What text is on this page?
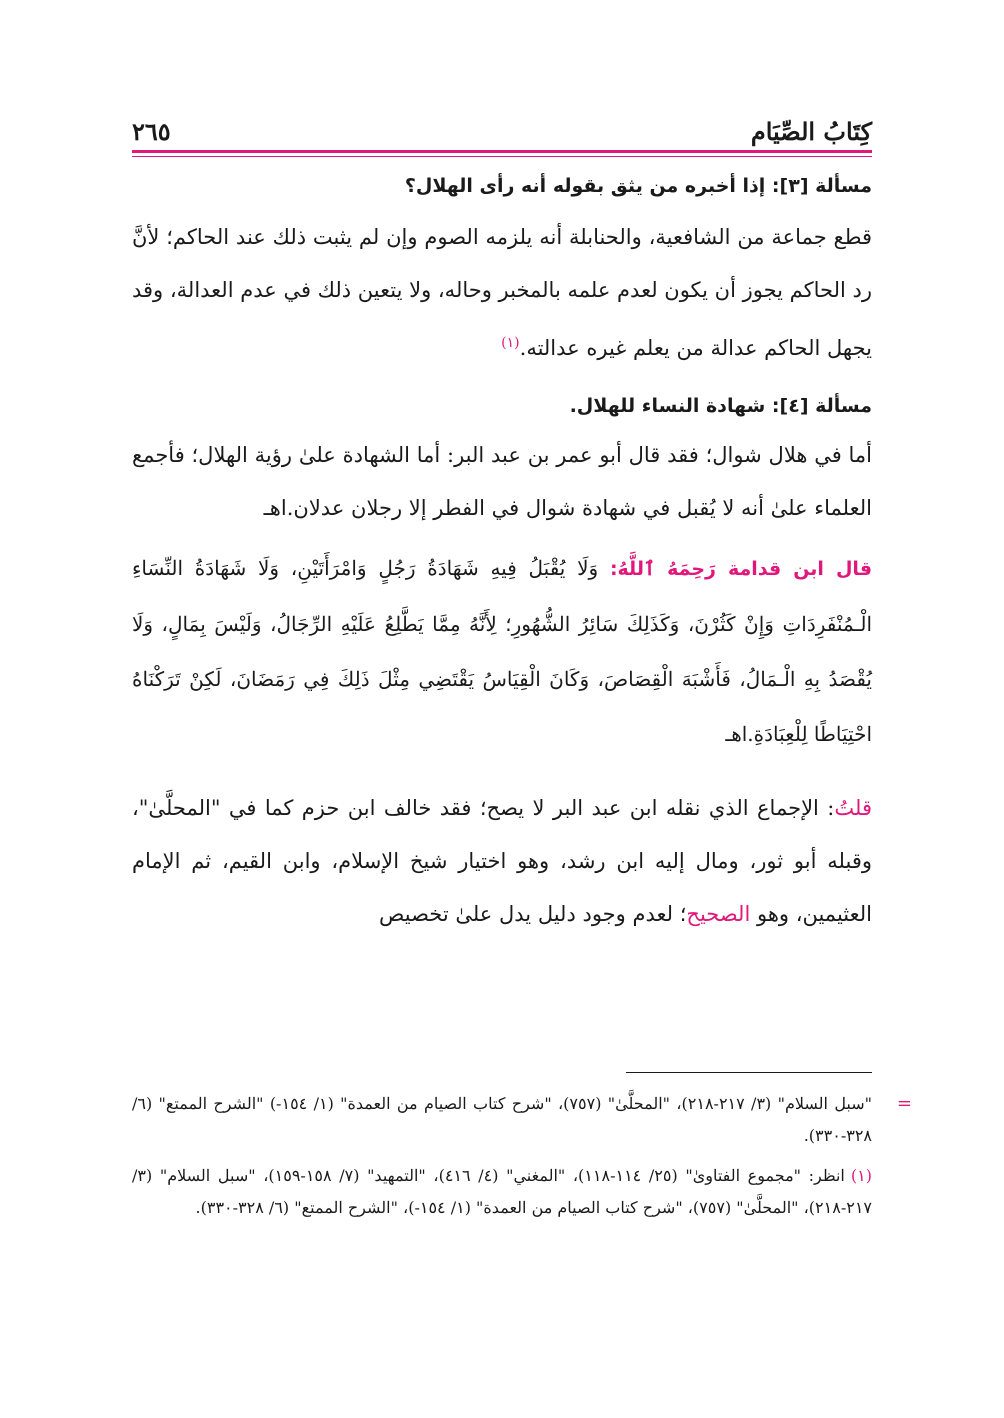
كِتَابُ الصِّيَام
٢٦٥

مسألة [٣]: إذا أخبره من يثق بقوله أنه رأى الهلال؟

قطع جماعة من الشافعية، والحنابلة أنه يلزمه الصوم وإن لم يثبت ذلك عند الحاكم؛ لأنَّ رد الحاكم يجوز أن يكون لعدم علمه بالمخبر وحاله، ولا يتعين ذلك في عدم العدالة، وقد يجهل الحاكم عدالة من يعلم غيره عدالته.$^{(١)}$

مسألة [٤]: شهادة النساء للهلال.

أما في هلال شوال؛ فقد قال أبو عمر بن عبد البر: أما الشهادة علىٰ رؤية الهلال؛ فأجمع العلماء علىٰ أنه لا يُقبل في شهادة شوال في الفطر إلا رجلان عدلان.اهـ

قال ابن قدامة رَحِمَهُ ٱللَّهُ: وَلَا يُقْبَلُ فِيهِ شَهَادَةُ رَجُلٍ وَامْرَأَتَيْنِ، وَلَا شَهَادَةُ النِّسَاءِ الْـمُنْفَرِدَاتِ وَإِنْ كَثُرْنَ، وَكَذَلِكَ سَائِرُ الشُّهُورِ؛ لِأَنَّهُ مِمَّا يَطَّلِعُ عَلَيْهِ الرِّجَالُ، وَلَيْسَ بِمَالٍ، وَلَا يُقْصَدُ بِهِ الْـمَالُ، فَأَشْبَهَ الْقِصَاصَ، وَكَانَ الْقِيَاسُ يَقْتَضِي مِثْلَ ذَلِكَ فِي رَمَضَانَ، لَكِنْ تَرَكْنَاهُ احْتِيَاطًا لِلْعِبَادَةِ.اهـ

قلتُ: الإجماع الذي نقله ابن عبد البر لا يصح؛ فقد خالف ابن حزم كما في "المحلَّىٰ"، وقبله أبو ثور، ومال إليه ابن رشد، وهو اختيار شيخ الإسلام، وابن القيم، ثم الإمام العثيمين، وهو الصحيح؛ لعدم وجود دليل يدل علىٰ تخصيص

=

"سبل السلام" (٣/ ٢١٧-٢١٨)، "المحلَّىٰ" (٧٥٧)، "شرح كتاب الصيام من العمدة" (١/ ١٥٤-) "الشرح الممتع" (٦/ ٣٢٨-٣٣٠).

(١)انظر: "مجموع الفتاوىٰ" (٢٥/ ١١٤-١١٨)، "المغني" (٤/ ٤١٦)، "التمهيد" (٧/ ١٥٨-١٥٩)، "سبل السلام" (٣/ ٢١٧-٢١٨)، "المحلَّىٰ" (٧٥٧)، "شرح كتاب الصيام من العمدة" (١/ ١٥٤-)، "الشرح الممتع" (٦/ ٣٢٨-٣٣٠).
